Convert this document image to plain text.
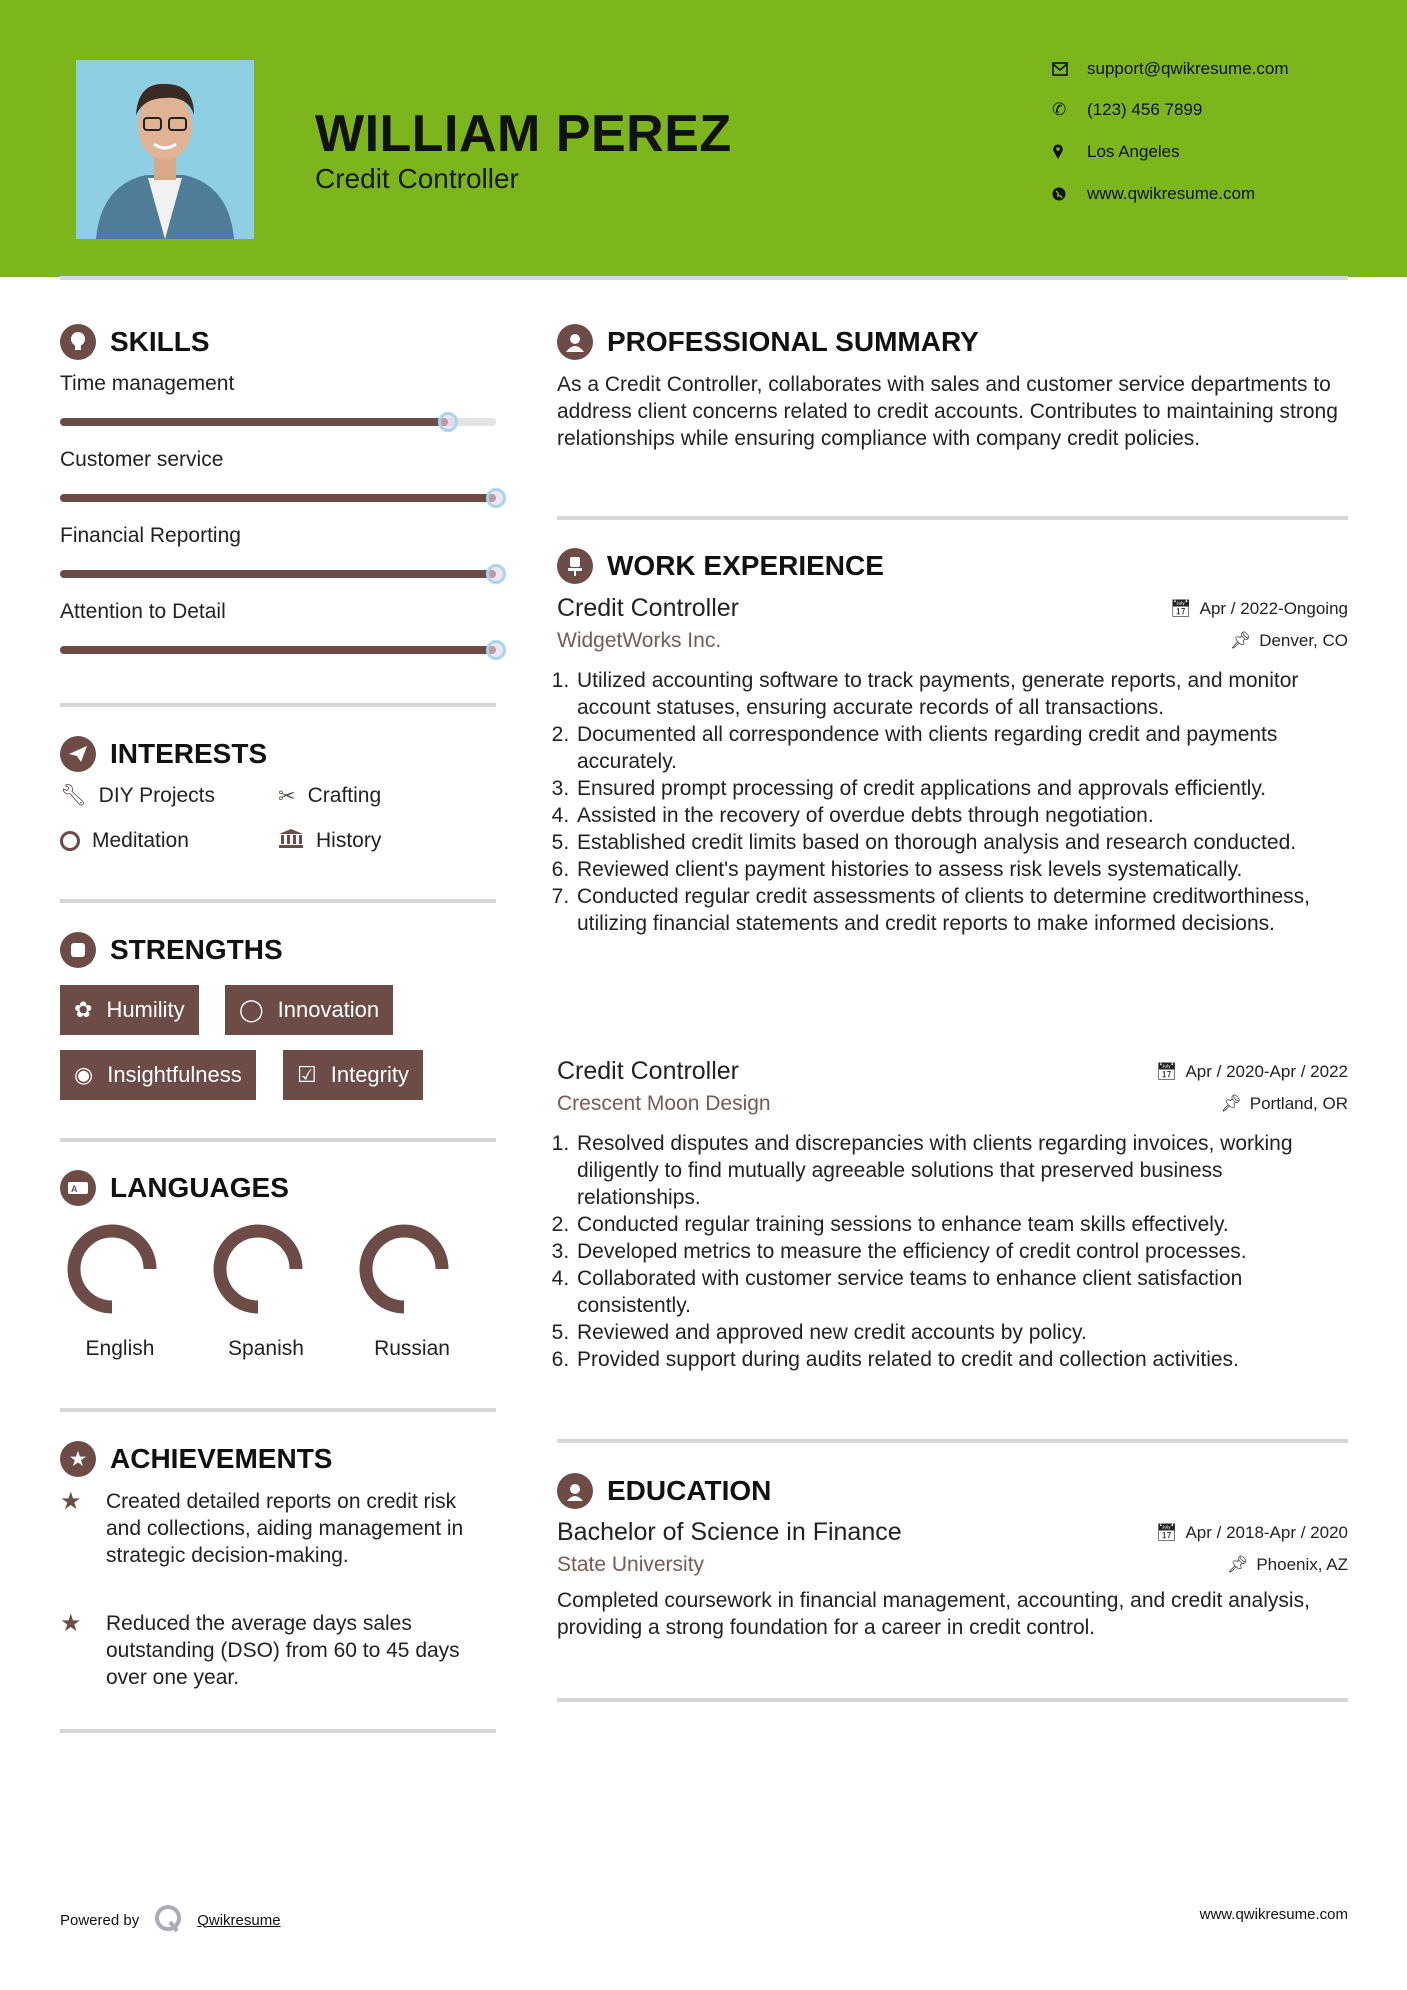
WILLIAM PEREZ
Credit Controller
support@qwikresume.com
✆	(123) 456 7899
Los Angeles
www.qwikresume.com
SKILLS
Time management
Customer service
Financial Reporting
Attention to Detail
INTERESTS
🔧︎ DIY Projects	✂ Crafting
Meditation	History
STRENGTHS
✿ Humility ◯ Innovation
◉ Insightfulness	☑ Integrity
A LANGUAGES
English	Spanish	Russian
★ ACHIEVEMENTS
★	Created detailed reports on credit risk and collections, aiding management in strategic decision-making.
★	Reduced the average days sales outstanding (DSO) from 60 to 45 days over one year.
PROFESSIONAL SUMMARY
As a Credit Controller, collaborates with sales and customer service departments to address client concerns related to credit accounts. Contributes to maintaining strong relationships while ensuring compliance with company credit policies.
WORK EXPERIENCE
Credit Controller	📅︎ Apr / 2022-Ongoing
WidgetWorks Inc.	📌︎ Denver, CO
1. Utilized accounting software to track payments, generate reports, and monitor account statuses, ensuring accurate records of all transactions.
2. Documented all correspondence with clients regarding credit and payments accurately.
3. Ensured prompt processing of credit applications and approvals efficiently.
4. Assisted in the recovery of overdue debts through negotiation.
5. Established credit limits based on thorough analysis and research conducted.
6. Reviewed client's payment histories to assess risk levels systematically.
7. Conducted regular credit assessments of clients to determine creditworthiness, utilizing financial statements and credit reports to make informed decisions.
Credit Controller	📅︎ Apr / 2020-Apr / 2022
Crescent Moon Design	📌︎ Portland, OR
1. Resolved disputes and discrepancies with clients regarding invoices, working diligently to find mutually agreeable solutions that preserved business relationships.
2. Conducted regular training sessions to enhance team skills effectively.
3. Developed metrics to measure the efficiency of credit control processes.
4. Collaborated with customer service teams to enhance client satisfaction consistently.
5. Reviewed and approved new credit accounts by policy.
6. Provided support during audits related to credit and collection activities.
EDUCATION
Bachelor of Science in Finance	📅︎ Apr / 2018-Apr / 2020
State University	📌︎ Phoenix, AZ
Completed coursework in financial management, accounting, and credit analysis, providing a strong foundation for a career in credit control.
Powered by	Qwikresume	www.qwikresume.com
